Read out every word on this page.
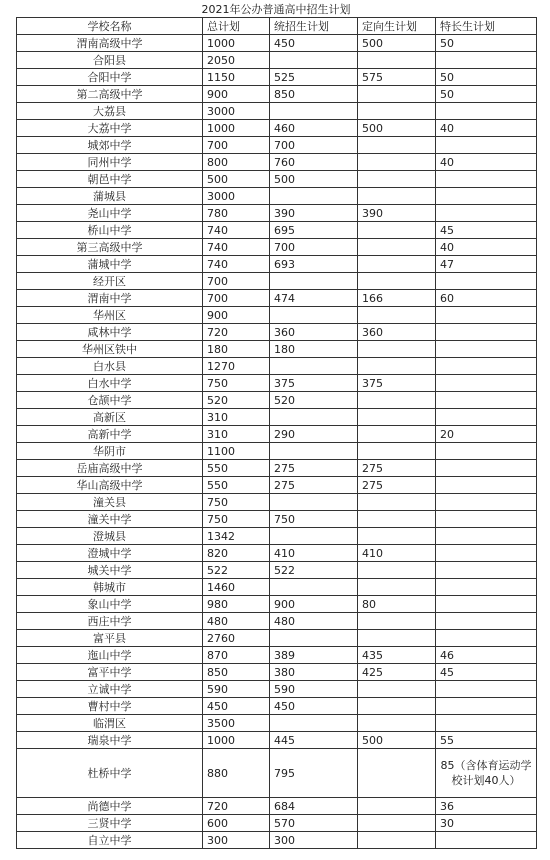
2021年公办普通高中招生计划
学校名称	总计划	统招生计划	定向生计划	特长生计划
渭南高级中学	1000	450	500	50
合阳县	2050			
合阳中学	1150	525	575	50
第二高级中学	900	850		50
大荔县	3000			
大荔中学	1000	460	500	40
城郊中学	700	700		
同州中学	800	760		40
朝邑中学	500	500		
蒲城县	3000			
尧山中学	780	390	390	
桥山中学	740	695		45
第三高级中学	740	700		40
蒲城中学	740	693		47
经开区	700			
渭南中学	700	474	166	60
华州区	900			
咸林中学	720	360	360	
华州区铁中	180	180		
白水县	1270			
白水中学	750	375	375	
仓颉中学	520	520		
高新区	310			
高新中学	310	290		20
华阴市	1100			
岳庙高级中学	550	275	275	
华山高级中学	550	275	275	
潼关县	750			
潼关中学	750	750		
澄城县	1342			
澄城中学	820	410	410	
城关中学	522	522		
韩城市	1460			
象山中学	980	900	80	
西庄中学	480	480		
富平县	2760			
迤山中学	870	389	435	46
富平中学	850	380	425	45
立诚中学	590	590		
曹村中学	450	450		
临渭区	3500			
瑞泉中学	1000	445	500	55
杜桥中学	880	795		85（含体育运动学校计划40人）
尚德中学	720	684		36
三贤中学	600	570		30
自立中学	300	300		
